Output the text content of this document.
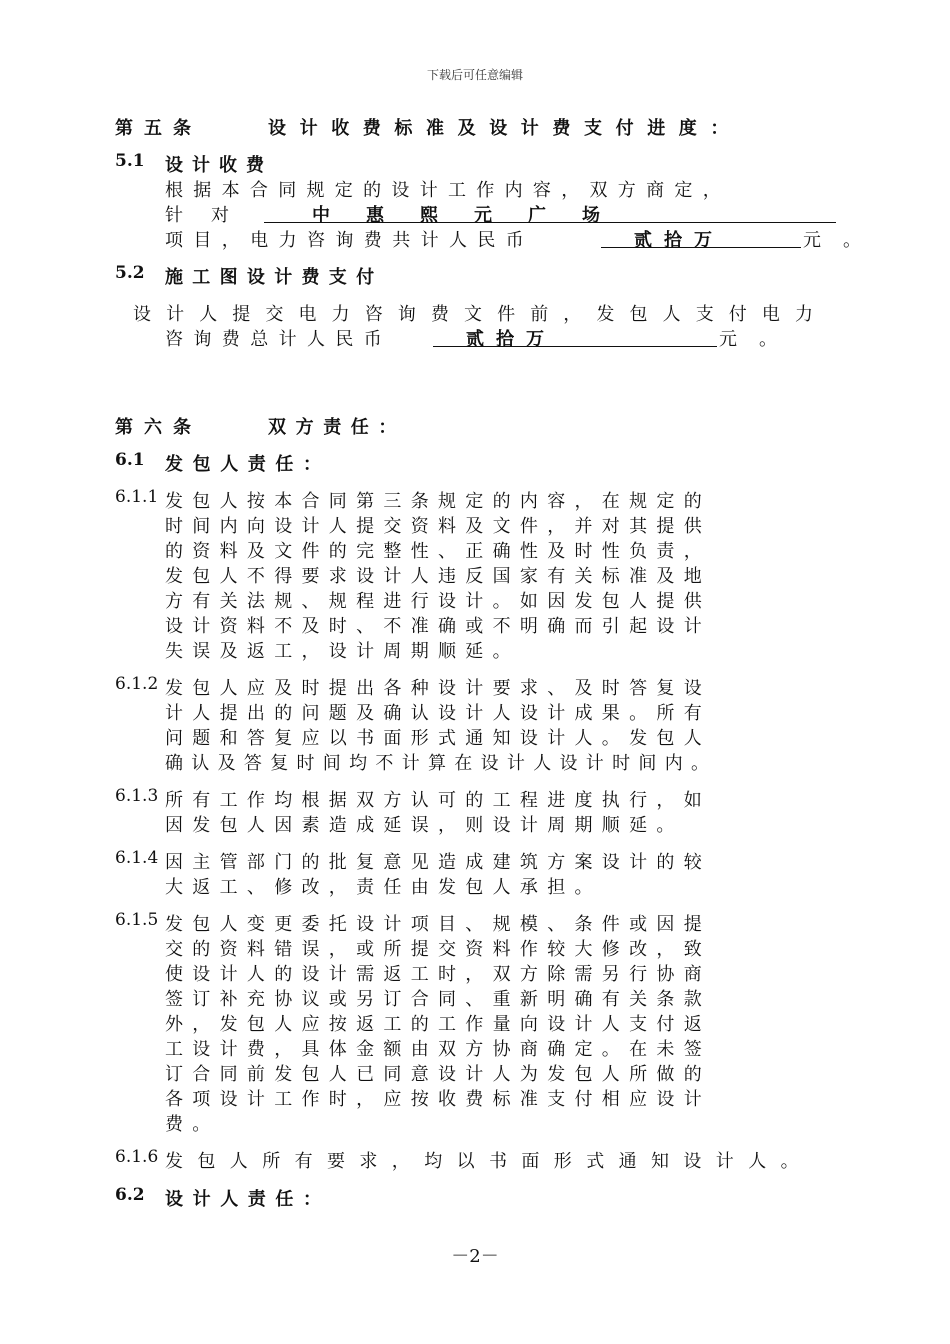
下载后可任意编辑
第五条	设计收费标准及设计费支付进度：
5.1 设计收费
根据本合同规定的设计工作内容，双方商定，
针对	中惠熙元广场
项目，电力咨询费共计人民币	贰拾万	元。
5.2 施工图设计费支付
设计人提交电力咨询费文件前，发包人支付电力
咨询费总计人民币	贰拾万	元。
第六条	双方责任：
6.1 发包人责任：
6.1.1 发包人按本合同第三条规定的内容，在规定的
时间内向设计人提交资料及文件，并对其提供
的资料及文件的完整性、正确性及时性负责，
发包人不得要求设计人违反国家有关标准及地
方有关法规、规程进行设计。如因发包人提供
设计资料不及时、不准确或不明确而引起设计
失误及返工，设计周期顺延。
6.1.2 发包人应及时提出各种设计要求、及时答复设
计人提出的问题及确认设计人设计成果。所有
问题和答复应以书面形式通知设计人。发包人
确认及答复时间均不计算在设计人设计时间内。
6.1.3 所有工作均根据双方认可的工程进度执行，如
因发包人因素造成延误，则设计周期顺延。
6.1.4 因主管部门的批复意见造成建筑方案设计的较
大返工、修改，责任由发包人承担。
6.1.5 发包人变更委托设计项目、规模、条件或因提
交的资料错误，或所提交资料作较大修改，致
使设计人的设计需返工时，双方除需另行协商
签订补充协议或另订合同、重新明确有关条款
外，发包人应按返工的工作量向设计人支付返
工设计费，具体金额由双方协商确定。在未签
订合同前发包人已同意设计人为发包人所做的
各项设计工作时，应按收费标准支付相应设计
费。
6.1.6 发包人所有要求，均以书面形式通知设计人。
6.2 设计人责任：
－2－
